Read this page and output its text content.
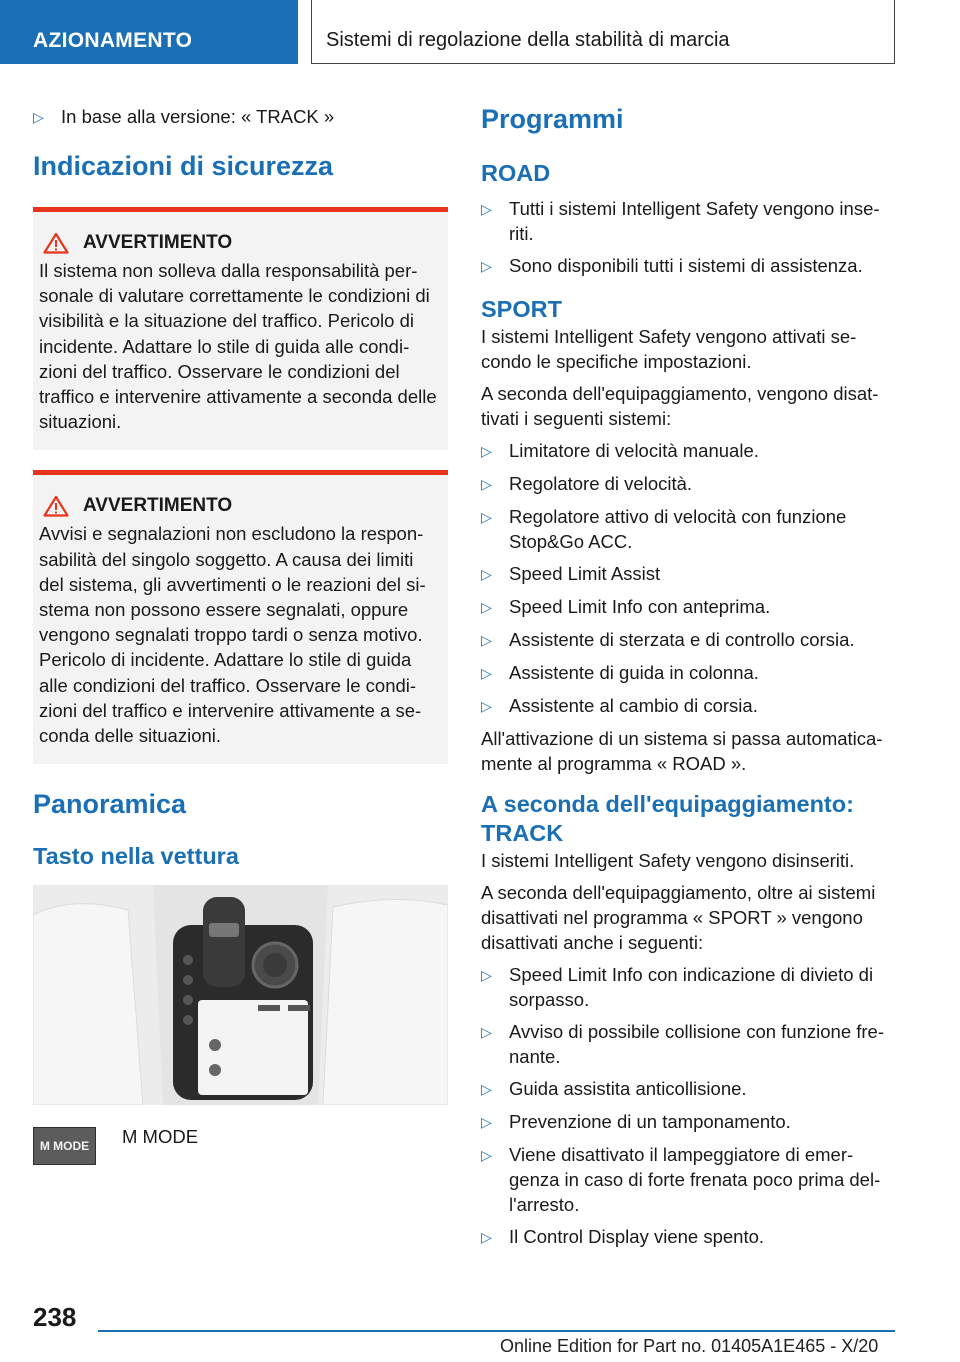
AZIONAMENTO	Sistemi di regolazione della stabilità di marcia
▷ In base alla versione: « TRACK »
Indicazioni di sicurezza
AVVERTIMENTO
Il sistema non solleva dalla responsabilità per-sonale di valutare correttamente le condizioni di visibilità e la situazione del traffico. Pericolo di incidente. Adattare lo stile di guida alle condi-zioni del traffico. Osservare le condizioni del traffico e intervenire attivamente a seconda delle situazioni.
AVVERTIMENTO
Avvisi e segnalazioni non escludono la respon-sabilità del singolo soggetto. A causa dei limiti del sistema, gli avvertimenti o le reazioni del si-stema non possono essere segnalati, oppure vengono segnalati troppo tardi o senza motivo. Pericolo di incidente. Adattare lo stile di guida alle condizioni del traffico. Osservare le condi-zioni del traffico e intervenire attivamente a se-conda delle situazioni.
Panoramica
Tasto nella vettura
M MODE M MODE
Programmi
ROAD
▷ Tutti i sistemi Intelligent Safety vengono inse-riti.
▷ Sono disponibili tutti i sistemi di assistenza.
SPORT
I sistemi Intelligent Safety vengono attivati se-condo le specifiche impostazioni.
A seconda dell'equipaggiamento, vengono disat-tivati i seguenti sistemi:
▷ Limitatore di velocità manuale.
▷ Regolatore di velocità.
▷ Regolatore attivo di velocità con funzione Stop&Go ACC.
▷ Speed Limit Assist
▷ Speed Limit Info con anteprima.
▷ Assistente di sterzata e di controllo corsia.
▷ Assistente di guida in colonna.
▷ Assistente al cambio di corsia.
All'attivazione di un sistema si passa automatica-mente al programma « ROAD ».
A seconda dell'equipaggiamento: TRACK
I sistemi Intelligent Safety vengono disinseriti.
A seconda dell'equipaggiamento, oltre ai sistemi disattivati nel programma « SPORT » vengono disattivati anche i seguenti:
▷ Speed Limit Info con indicazione di divieto di sorpasso.
▷ Avviso di possibile collisione con funzione fre-nante.
▷ Guida assistita anticollisione.
▷ Prevenzione di un tamponamento.
▷ Viene disattivato il lampeggiatore di emer-genza in caso di forte frenata poco prima del-l'arresto.
▷ Il Control Display viene spento.
238
Online Edition for Part no. 01405A1E465 - X/20
